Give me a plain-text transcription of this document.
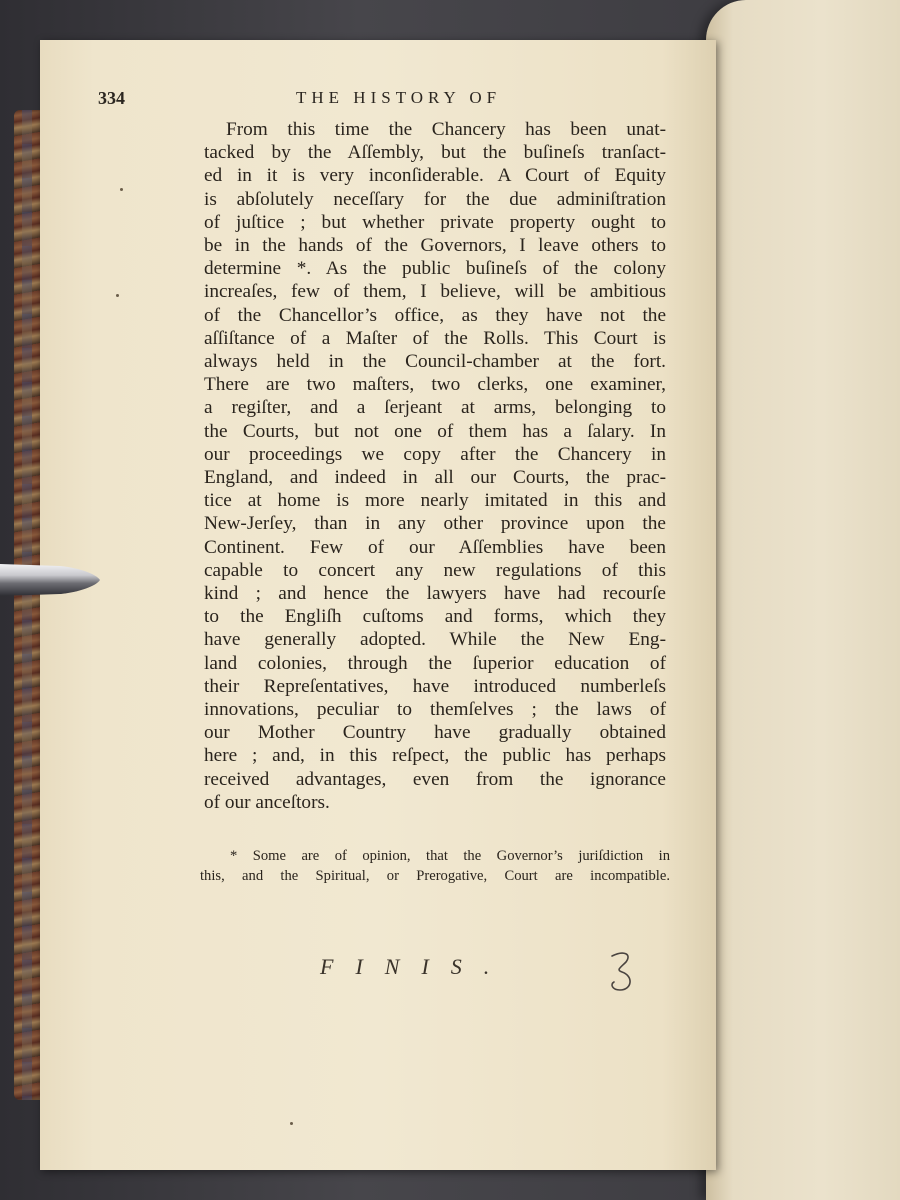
334	THE HISTORY OF
From this time the Chancery has been unat-
tacked by the Aſſembly, but the buſineſs tranſact-
ed in it is very inconſiderable. A Court of Equity
is abſolutely neceſſary for the due adminiſtration
of juſtice ; but whether private property ought to
be in the hands of the Governors, I leave others to
determine *. As the public buſineſs of the colony
increaſes, few of them, I believe, will be ambitious
of the Chancellor’s office, as they have not the
aſſiſtance of a Maſter of the Rolls. This Court is
always held in the Council-chamber at the fort.
There are two maſters, two clerks, one examiner,
a regiſter, and a ſerjeant at arms, belonging to
the Courts, but not one of them has a ſalary. In
our proceedings we copy after the Chancery in
England, and indeed in all our Courts, the prac-
tice at home is more nearly imitated in this and
New-Jerſey, than in any other province upon the
Continent. Few of our Aſſemblies have been
capable to concert any new regulations of this
kind ; and hence the lawyers have had recourſe
to the Engliſh cuſtoms and forms, which they
have generally adopted. While the New Eng-
land colonies, through the ſuperior education of
their Repreſentatives, have introduced numberleſs
innovations, peculiar to themſelves ; the laws of
our Mother Country have gradually obtained
here ; and, in this reſpect, the public has perhaps
received advantages, even from the ignorance
of our anceſtors.
* Some are of opinion, that the Governor’s juriſdiction in
this, and the Spiritual, or Prerogative, Court are incompatible.
FINIS.
